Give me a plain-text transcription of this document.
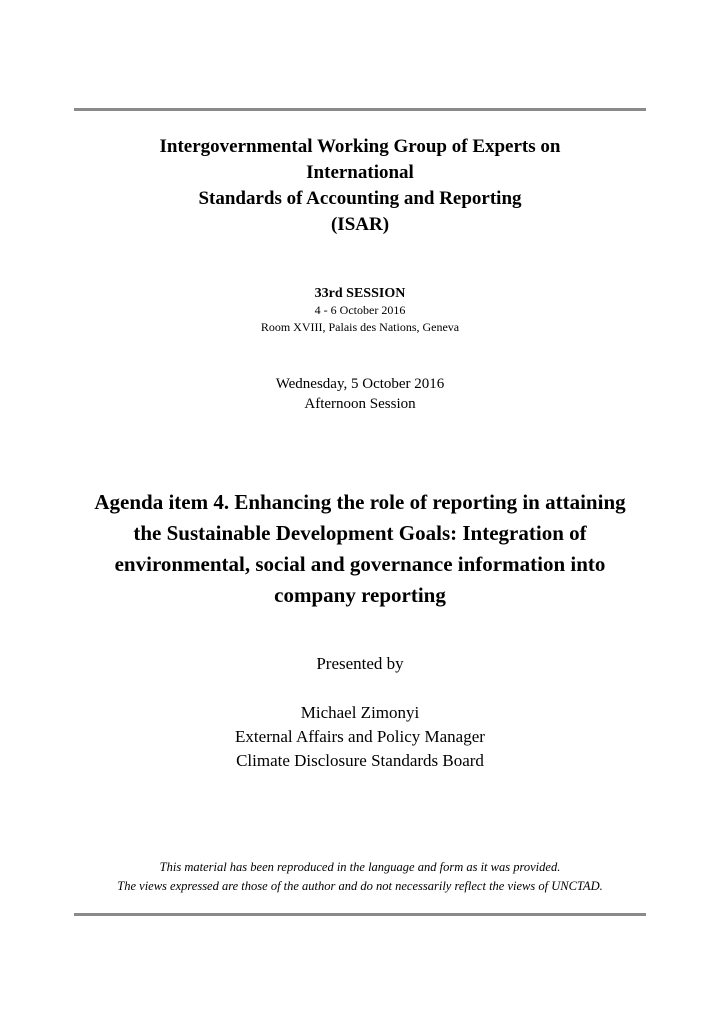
Intergovernmental Working Group of Experts on
International
Standards of Accounting and Reporting
(ISAR)
33rd SESSION
4 - 6 October 2016
Room XVIII, Palais des Nations, Geneva
Wednesday, 5 October 2016
Afternoon Session
Agenda item 4. Enhancing the role of reporting in attaining
the Sustainable Development Goals: Integration of
environmental, social and governance information into
company reporting
Presented by
Michael Zimonyi
External Affairs and Policy Manager
Climate Disclosure Standards Board
This material has been reproduced in the language and form as it was provided.
The views expressed are those of the author and do not necessarily reflect the views of UNCTAD.
